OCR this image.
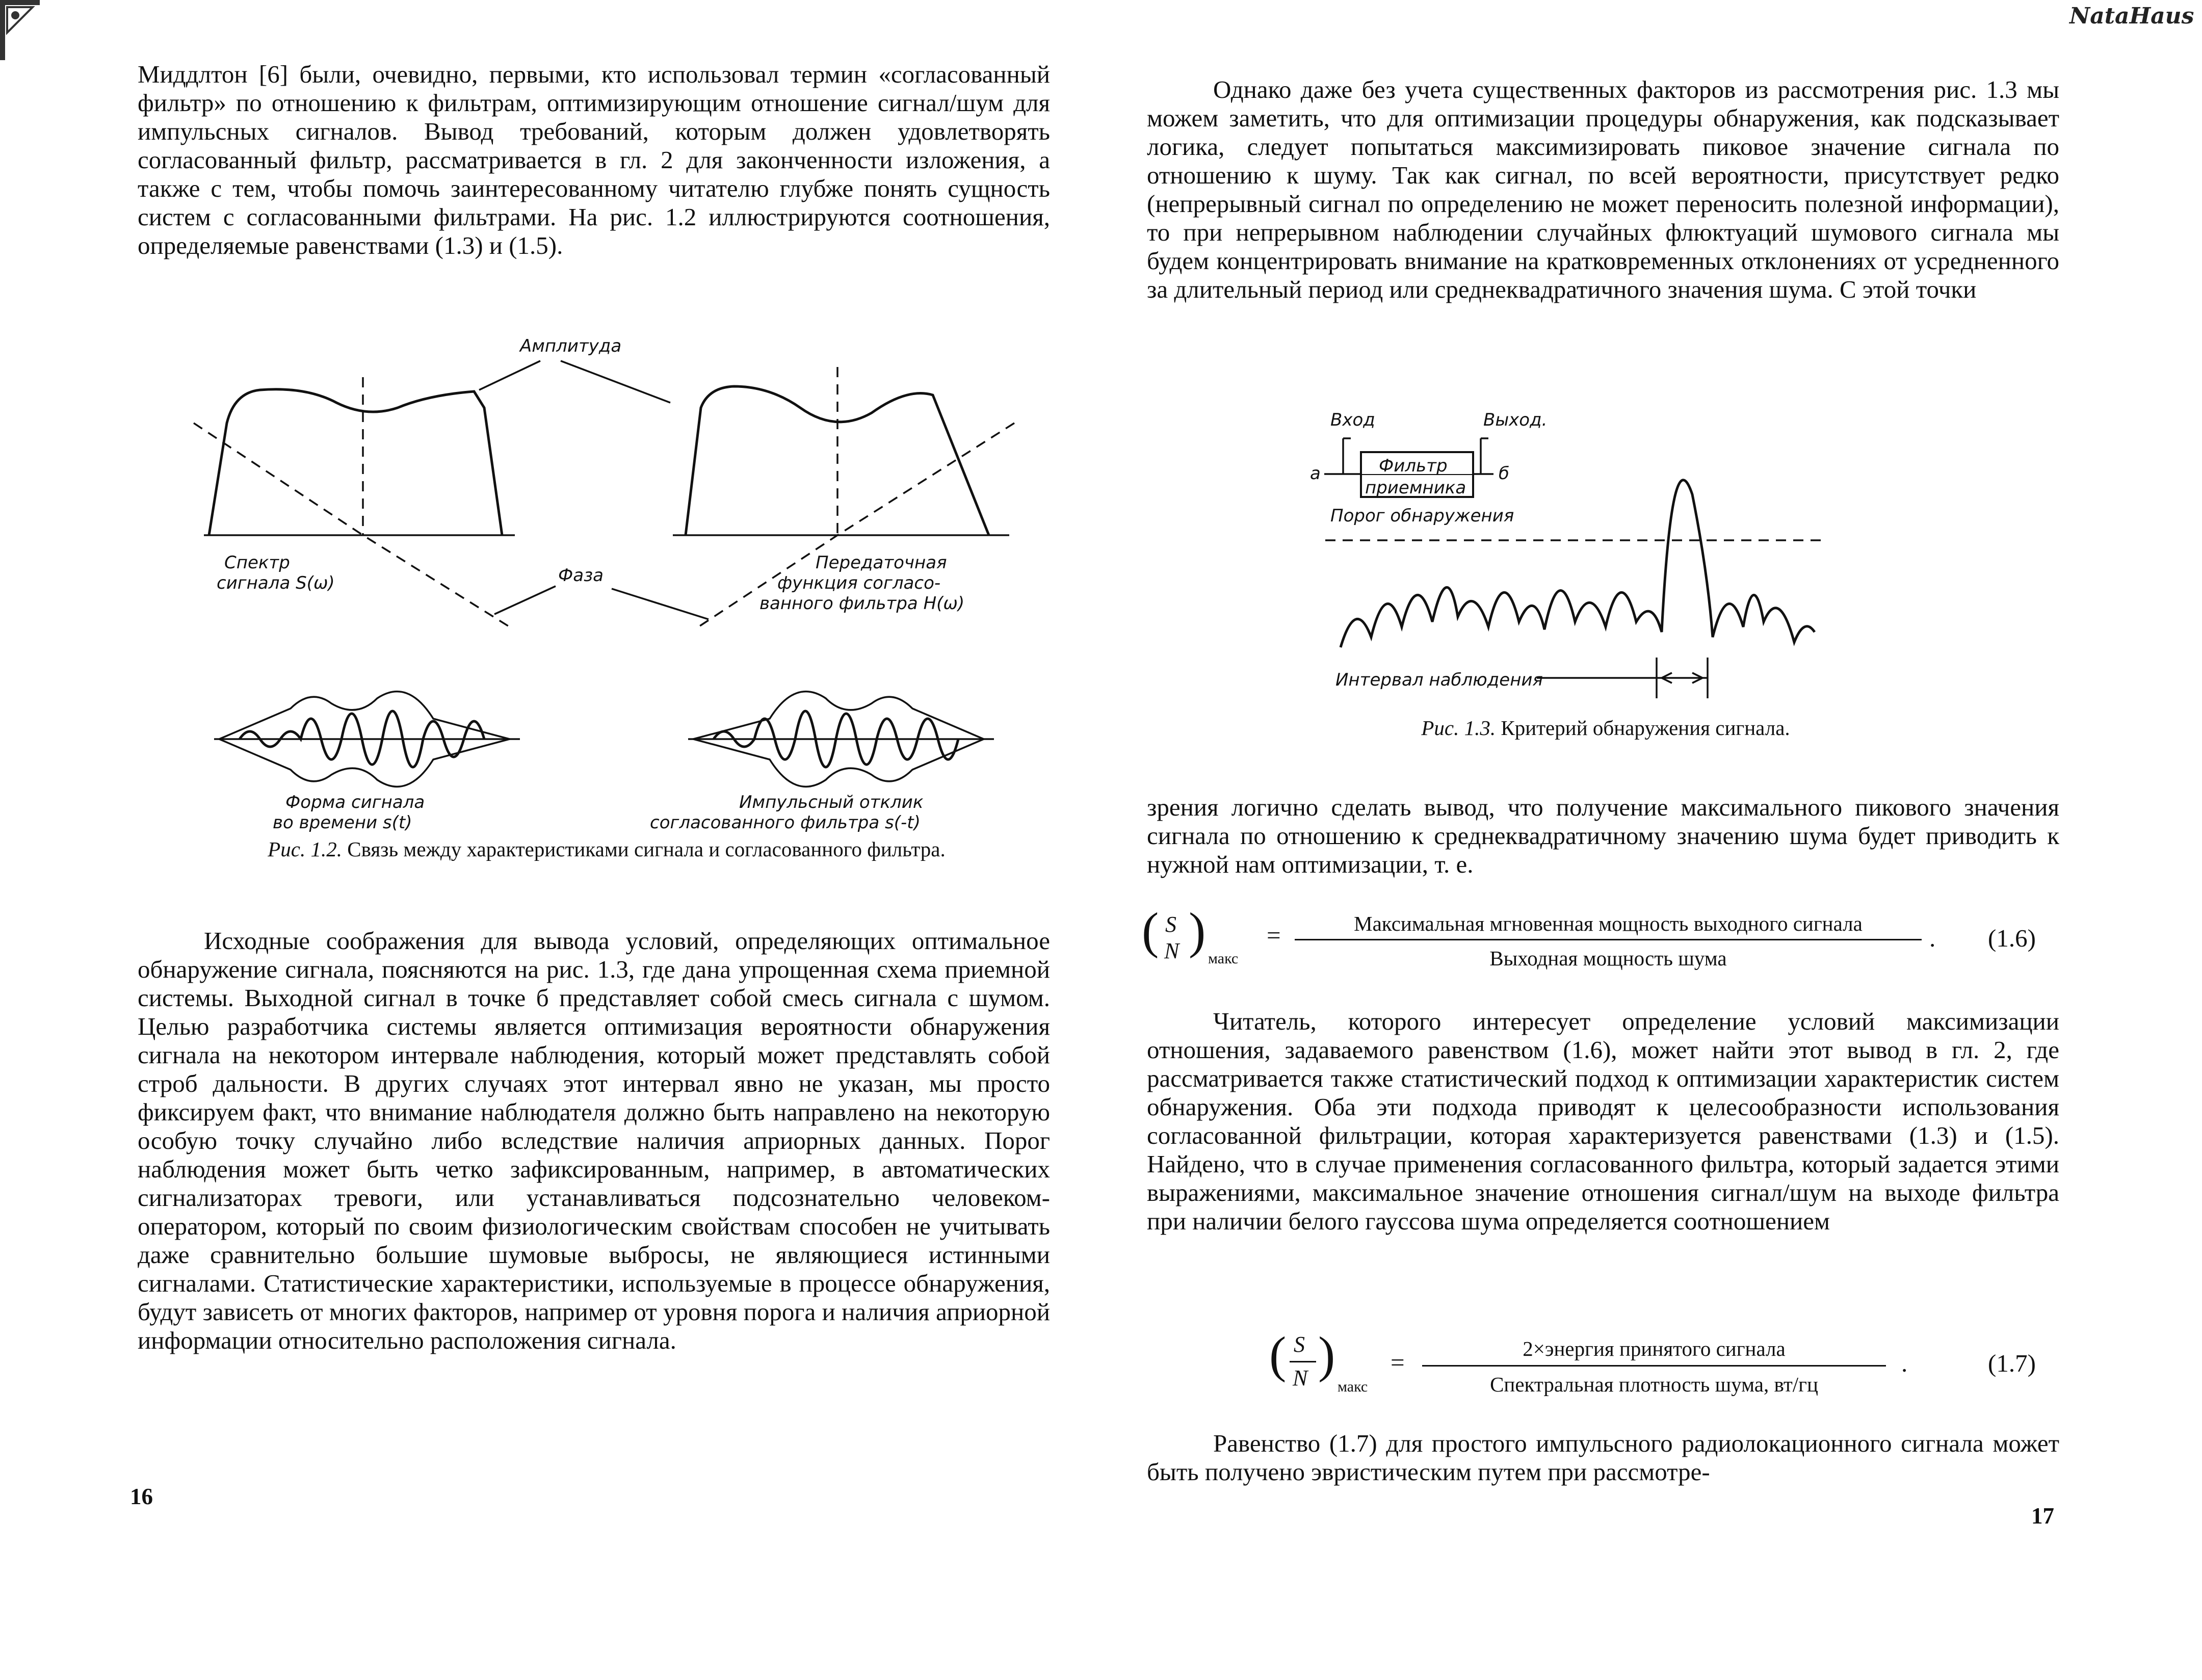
NataHaus

Миддлтон [6] были, очевидно, первыми, кто использовал термин «согласованный фильтр» по отношению к фильтрам, оптимизирующим отношение сигнал/шум для импульсных сигналов. Вывод требований, которым должен удовлетворять согласованный фильтр, рассматривается в гл. 2 для законченности изложения, а также с тем, чтобы помочь заинтересованному читателю глубже понять сущность систем с согласованными фильтрами. На рис. 1.2 иллюстрируются соотношения, определяемые равенствами (1.3) и (1.5).

Амплитуда
Спектр
сигнала S(ω)	Фаза
Передаточная
функция согласо-
ванного фильтра H(ω)
Форма сигнала
во времени s(t)
Импульсный отклик
согласованного фильтра s(-t)
Рис. 1.2. Связь между характеристиками сигнала и согласованного фильтра.

Исходные соображения для вывода условий, определяющих оптимальное обнаружение сигнала, поясняются на рис. 1.3, где дана упрощенная схема приемной системы. Выходной сигнал в точке б представляет собой смесь сигнала с шумом. Целью разработчика системы является оптимизация вероятности обнаружения сигнала на некотором интервале наблюдения, который может представлять собой строб дальности. В других случаях этот интервал явно не указан, мы просто фиксируем факт, что внимание наблюдателя должно быть направлено на некоторую особую точку случайно либо вследствие наличия априорных данных. Порог наблюдения может быть четко зафиксированным, например, в автоматических сигнализаторах тревоги, или устанавливаться подсознательно человеком-оператором, который по своим физиологическим свойствам способен не учитывать даже сравнительно большие шумовые выбросы, не являющиеся истинными сигналами. Статистические характеристики, используемые в процессе обнаружения, будут зависеть от многих факторов, например от уровня порога и наличия априорной информации относительно расположения сигнала.

16

Однако даже без учета существенных факторов из рассмотрения рис. 1.3 мы можем заметить, что для оптимизации процедуры обнаружения, как подсказывает логика, следует попытаться максимизировать пиковое значение сигнала по отношению к шуму. Так как сигнал, по всей вероятности, присутствует редко (непрерывный сигнал по определению не может переносить полезной информации), то при непрерывном наблюдении случайных флюктуаций шумового сигнала мы будем концентрировать внимание на кратковременных отклонениях от усредненного за длительный период или среднеквадратичного значения шума. С этой точки

Вход	Выход.
а	б
Фильтр
приемника
Порог обнаружения
Интервал наблюдения
Рис. 1.3. Критерий обнаружения сигнала.

зрения логично сделать вывод, что получение максимального пикового значения сигнала по отношению к среднеквадратичному значению шума будет приводить к нужной нам оптимизации, т. е.

( S
N ) макс
=	Максимальная мгновенная мощность выходного сигнала
Выходная мощность шума
. (1.6)

Читатель, которого интересует определение условий максимизации отношения, задаваемого равенством (1.6), может найти этот вывод в гл. 2, где рассматривается также статистический подход к оптимизации характеристик систем обнаружения. Оба эти подхода приводят к целесообразности использования согласованной фильтрации, которая характеризуется равенствами (1.3) и (1.5). Найдено, что в случае применения согласованного фильтра, который задается этими выражениями, максимальное значение отношения сигнал/шум на выходе фильтра при наличии белого гауссова шума определяется соотношением

( S
N )
макс
=	2×энергия принятого сигнала
Спектральная плотность шума, вт/гц
.	(1.7)

Равенство (1.7) для простого импульсного радиолокационного сигнала может быть получено эвристическим путем при рассмотре-

17
